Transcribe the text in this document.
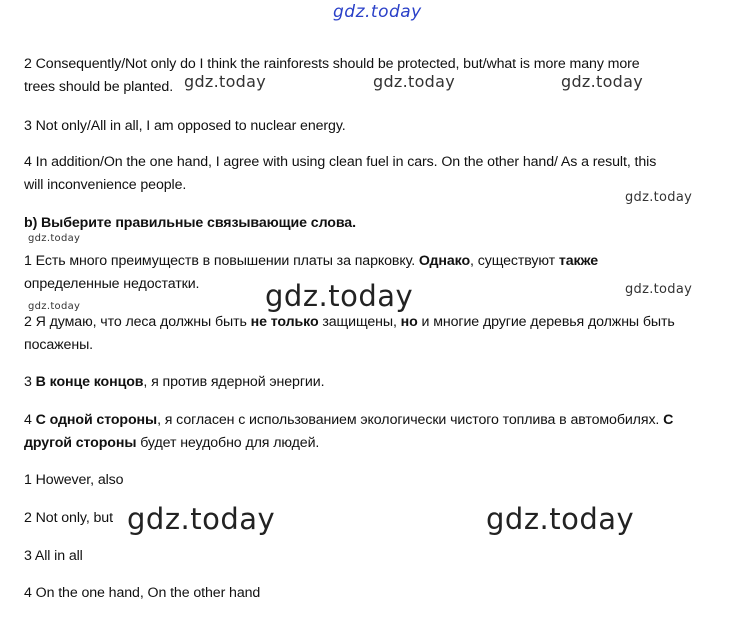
gdz.today
gdz.today	gdz.today	gdz.today
gdz.today
gdz.today
gdz.today	gdz.today
gdz.today
gdz.today	gdz.today
2 Consequently/Not only do I think the rainforests should be protected, but/what is more many more
trees should be planted.
3 Not only/All in all, I am opposed to nuclear energy.
4 In addition/On the one hand, I agree with using clean fuel in cars. On the other hand/ As a result, this
will inconvenience people.
b) Выберите правильные связывающие слова.
1 Есть много преимуществ в повышении платы за парковку. Однако, существуют также
определенные недостатки.
2 Я думаю, что леса должны быть не только защищены, но и многие другие деревья должны быть
посажены.
3 В конце концов, я против ядерной энергии.
4 С одной стороны, я согласен с использованием экологически чистого топлива в автомобилях. С
другой стороны будет неудобно для людей.
1 However, also
2 Not only, but
3 All in all
4 On the one hand, On the other hand
